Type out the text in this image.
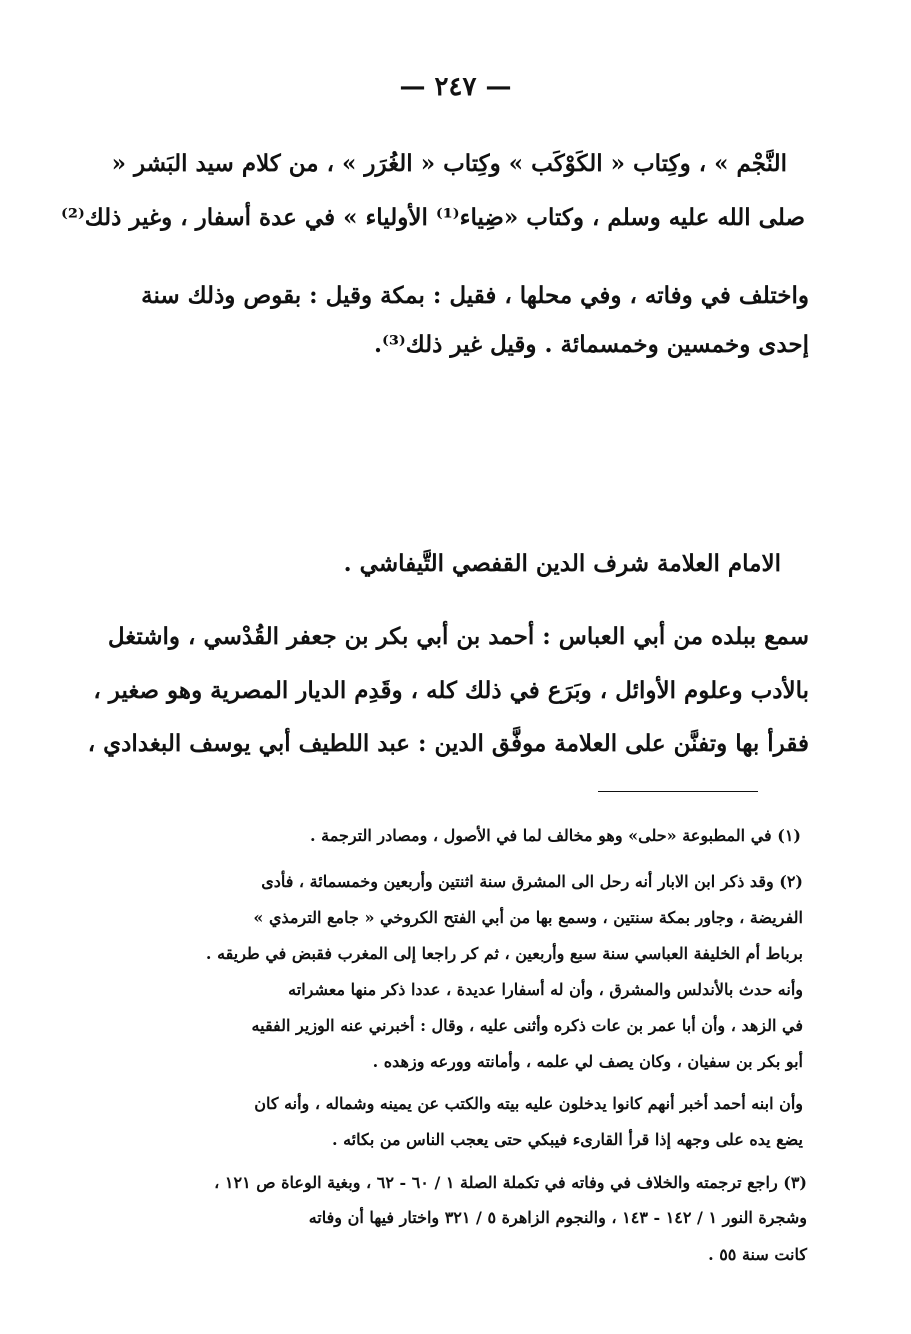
— ٢٤٧ —
النَّجْم » ، وكِتاب « الكَوْكَب » وكِتاب « الغُرَر » ، من كلام سيد البَشر «
صلى الله عليه وسلم ، وكتاب «ضِياء⁽¹⁾ الأولياء » في عدة أسفار ، وغير ذلك⁽²⁾
واختلف في وفاته ، وفي محلها ، فقيل : بمكة وقيل : بقوص وذلك سنة
إحدى وخمسين وخمسمائة . وقيل غير ذلك⁽³⁾.
الامام العلامة شرف الدين القفصي التَّيفاشي .
سمع ببلده من أبي العباس : أحمد بن أبي بكر بن جعفر القُدْسي ، واشتغل
بالأدب وعلوم الأوائل ، وبَرَع في ذلك كله ، وقَدِم الديار المصرية وهو صغير ،
فقرأ بها وتفنَّن على العلامة موفَّق الدين : عبد اللطيف أبي يوسف البغدادي ،
(١) في المطبوعة «حلى» وهو مخالف لما في الأصول ، ومصادر الترجمة .
(٢) وقد ذكر ابن الابار أنه رحل الى المشرق سنة اثنتين وأربعين وخمسمائة ، فأدى
الفريضة ، وجاور بمكة سنتين ، وسمع بها من أبي الفتح الكروخي « جامع الترمذي »
برباط أم الخليفة العباسي سنة سبع وأربعين ، ثم كر راجعا إلى المغرب فقبض في طريقه .
وأنه حدث بالأندلس والمشرق ، وأن له أسفارا عديدة ، عددا ذكر منها معشراته
في الزهد ، وأن أبا عمر بن عات ذكره وأثنى عليه ، وقال : أخبرني عنه الوزير الفقيه
أبو بكر بن سفيان ، وكان يصف لي علمه ، وأمانته وورعه وزهده .
وأن ابنه أحمد أخبر أنهم كانوا يدخلون عليه بيته والكتب عن يمينه وشماله ، وأنه كان
يضع يده على وجهه إذا قرأ القارىء فيبكي حتى يعجب الناس من بكائه .
(٣) راجع ترجمته والخلاف في وفاته في تكملة الصلة ١ / ٦٠ - ٦٢ ، وبغية الوعاة ص ١٢١ ،
وشجرة النور ١ / ١٤٢ - ١٤٣ ، والنجوم الزاهرة ٥ / ٣٢١ واختار فيها أن وفاته
كانت سنة ٥٥ .
